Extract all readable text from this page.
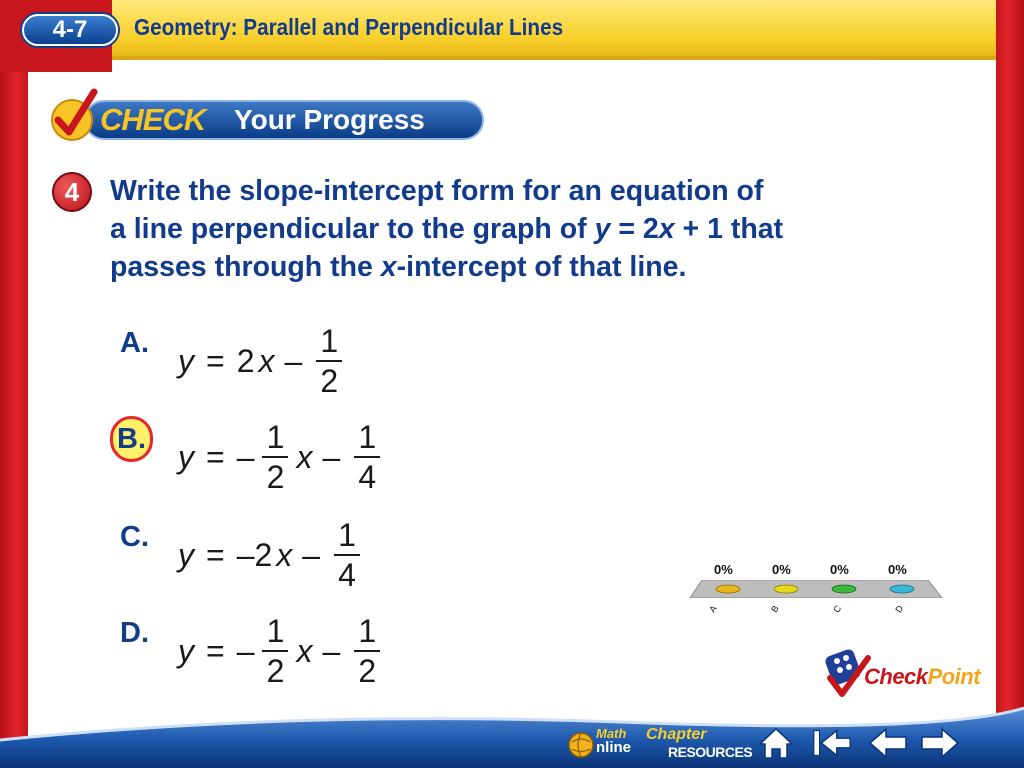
4-7 Geometry: Parallel and Perpendicular Lines
CHECK Your Progress
4 Write the slope-intercept form for an equation of
a line perpendicular to the graph of y = 2x + 1 that
passes through the x-intercept of that line.
A. y = 2 x – $\frac{1}{2}$
B. y = – $\frac{1}{2}$ x – $\frac{1}{4}$
C. y = –2 x – $\frac{1}{4}$
D. y = – $\frac{1}{2}$ x – $\frac{1}{2}$
0%	0%	0%	0%
A	B	C	D
CheckPoint
Math
nline
Chapter
RESOURCES
